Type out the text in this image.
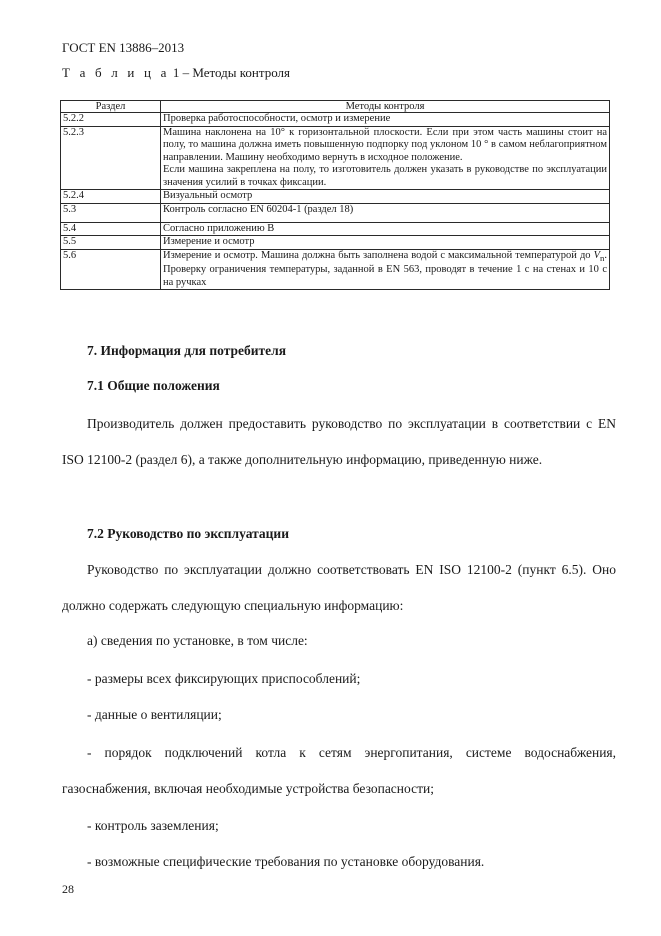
ГОСТ EN 13886–2013
Т а б л и ц а 1 – Методы контроля
Раздел	Методы контроля
5.2.2	Проверка работоспособности, осмотр и измерение
5.2.3	Машина наклонена на 10° к горизонтальной плоскости. Если при этом часть машины стоит на полу, то машина должна иметь повышенную подпорку под уклоном 10 ° в самом неблагоприятном направлении. Машину необходимо вернуть в исходное положение.
Если машина закреплена на полу, то изготовитель должен указать в руководстве по эксплуатации значения усилий в точках фиксации.

5.2.4	Визуальный осмотр
5.3	Контроль согласно EN 60204-1 (раздел 18)
5.4	Согласно приложению В
5.5	Измерение и осмотр
5.6	Измерение и осмотр. Машина должна быть заполнена водой с максимальной температурой до $V_n$. Проверку ограничения температуры, заданной в EN 563, проводят в течение 1 с на стенах и 10 с на ручках
7. Информация для потребителя
7.1 Общие положения
Производитель должен предоставить руководство по эксплуатации в соответствии с EN ISO 12100-2 (раздел 6), а также дополнительную информацию, приведенную ниже.
7.2 Руководство по эксплуатации
Руководство по эксплуатации должно соответствовать EN ISO 12100-2 (пункт 6.5). Оно должно содержать следующую специальную информацию:
а) сведения по установке, в том числе:
- размеры всех фиксирующих приспособлений;
- данные о вентиляции;
- порядок подключений котла к сетям энергопитания, системе водоснабжения, газоснабжения, включая необходимые устройства безопасности;
- контроль заземления;
- возможные специфические требования по установке оборудования.
28
